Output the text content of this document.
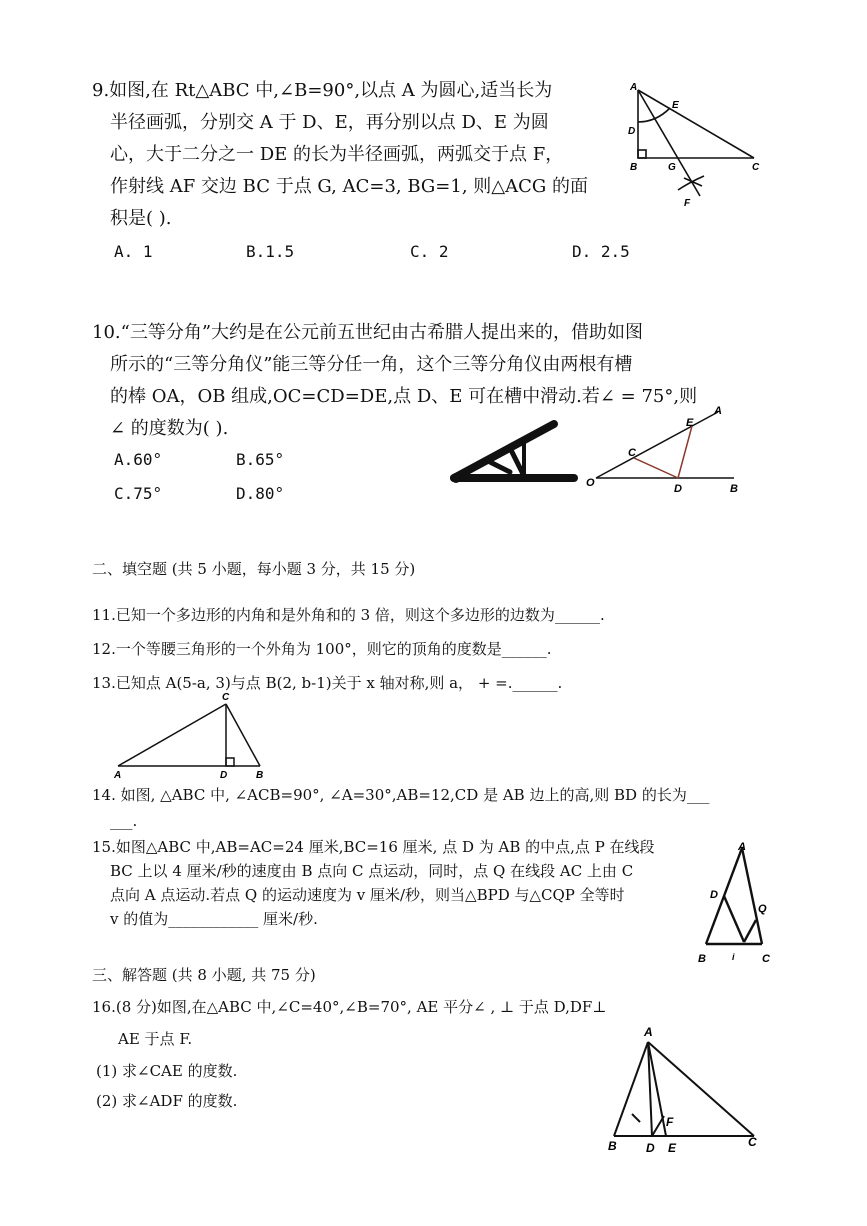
9.如图,在 Rt△ABC 中,∠B=90°,以点 A 为圆心,适当长为
半径画弧，分别交 A 于 D、E，再分别以点 D、E 为圆
心，大于二分之一 DE 的长为半径画弧，两弧交于点 F，
作射线 AF 交边 BC 于点 G, AC=3, BG=1, 则△ACG 的面
积是( ).
A. 1	B.1.5	C. 2	D. 2.5
A
D
E
B	G	C
F
10.“三等分角”大约是在公元前五世纪由古希腊人提出来的，借助如图
所示的“三等分角仪”能三等分任一角，这个三等分角仪由两根有槽
的棒 OA，OB 组成,OC=CD=DE,点 D、E 可在槽中滑动.若∠ = 75°,则
∠ 的度数为( ).
A.60°	B.65°
C.75°	D.80°
O
C
E
A
D	B
二、填空题 (共 5 小题，每小题 3 分，共 15 分)
11.已知一个多边形的内角和是外角和的 3 倍，则这个多边形的边数为______.
12.一个等腰三角形的一个外角为 100°，则它的顶角的度数是______.
13.已知点 A(5-a, 3)与点 B(2, b-1)关于 x 轴对称,则 a， + =.______.
C
A	D	B
14. 如图, △ABC 中, ∠ACB=90°, ∠A=30°,AB=12,CD 是 AB 边上的高,则 BD 的长为___
___.
15.如图△ABC 中,AB=AC=24 厘米,BC=16 厘米, 点 D 为 AB 的中点,点 P 在线段
BC 上以 4 厘米/秒的速度由 B 点向 C 点运动，同时，点 Q 在线段 AC 上由 C
点向 A 点运动.若点 Q 的运动速度为 v 厘米/秒，则当△BPD 与△CQP 全等时
v 的值为____________ 厘米/秒.
A
D
Q
B	i C
三、解答题 (共 8 小题, 共 75 分)
16.(8 分)如图,在△ABC 中,∠C=40°,∠B=70°, AE 平分∠ , ⊥ 于点 D,DF⊥
AE 于点 F.
(1) 求∠CAE 的度数.
(2) 求∠ADF 的度数.
A
F
B D E	C
